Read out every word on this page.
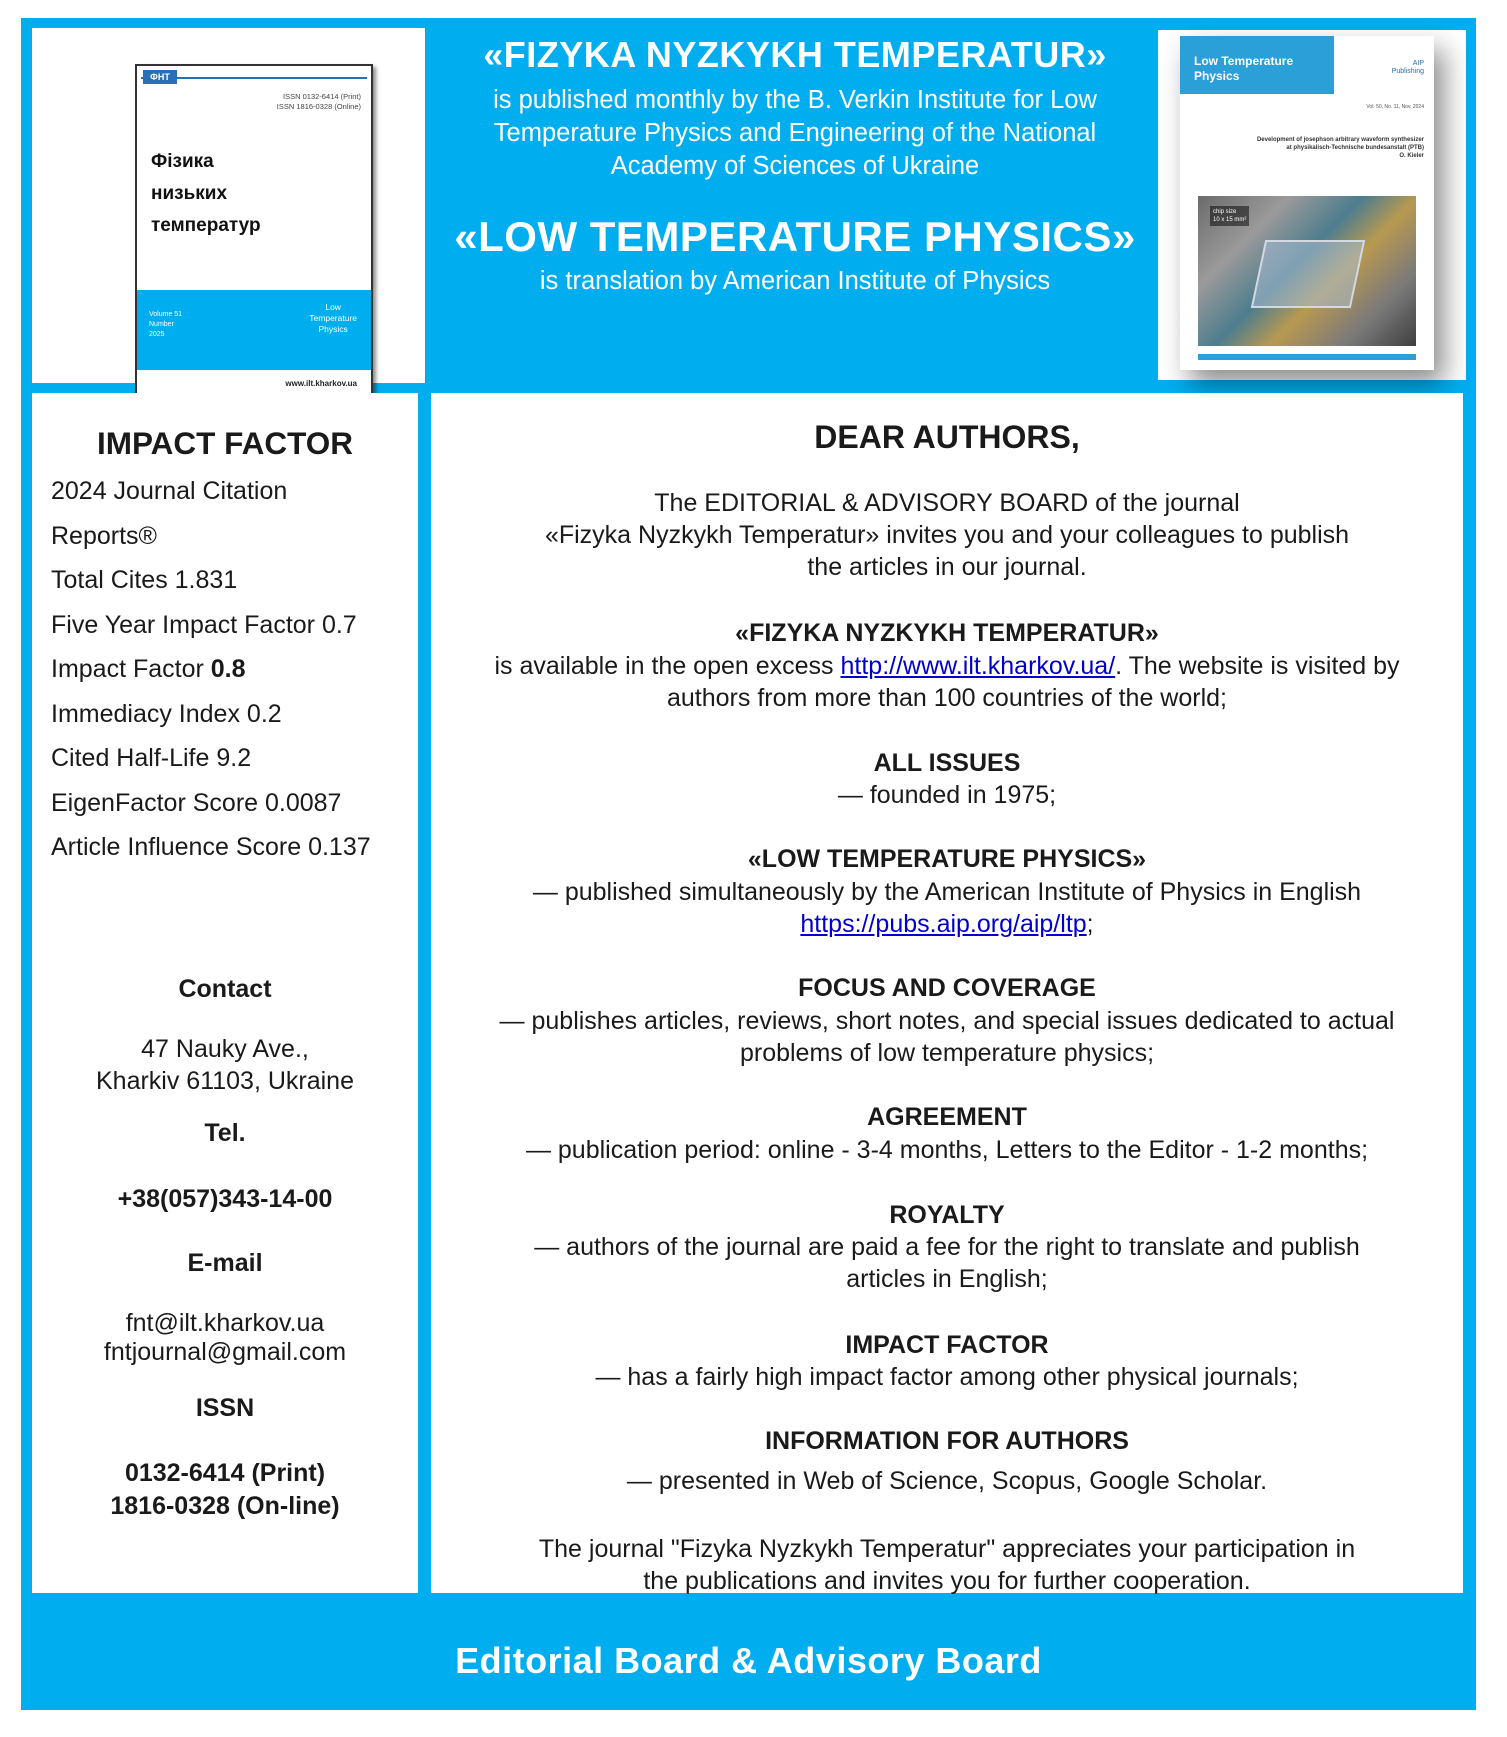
ФНТ
ISSN 0132-6414 (Print)
ISSN 1816-0328 (Online)
Фізика
низьких
температур
Volume 51
Number
2025
Low
Temperature
Physics
www.ilt.kharkov.ua
«FIZYKA NYZKYKH TEMPERATUR»
is published monthly by the B. Verkin Institute for Low
Temperature Physics and Engineering of the National
Academy of Sciences of Ukraine
«LOW TEMPERATURE PHYSICS»
is translation by American Institute of Physics
Low Temperature
Physics
AIP
Publishing
Vol. 50, No. 11, Nov. 2024
Development of josephson arbitrary waveform synthesizer
at physikalisch-Technische bundesanstalt (PTB)
O. Kieler
chip size
10 x 15 mm²
IMPACT FACTOR
2024 Journal Citation
Reports®
Total Cites 1.831
Five Year Impact Factor 0.7
Impact Factor 0.8
Immediacy Index 0.2
Cited Half-Life 9.2
EigenFactor Score 0.0087
Article Influence Score 0.137
Contact
47 Nauky Ave.,
Kharkiv 61103, Ukraine
Tel.
+38(057)343-14-00
E-mail
fnt@ilt.kharkov.ua
fntjournal@gmail.com
ISSN
0132-6414 (Print)
1816-0328 (On-line)
DEAR AUTHORS,
The EDITORIAL & ADVISORY BOARD of the journal
«Fizyka Nyzkykh Temperatur» invites you and your colleagues to publish
the articles in our journal.
«FIZYKA NYZKYKH TEMPERATUR»
is available in the open excess http://www.ilt.kharkov.ua/. The website is visited by
authors from more than 100 countries of the world;
ALL ISSUES
— founded in 1975;
«LOW TEMPERATURE PHYSICS»
— published simultaneously by the American Institute of Physics in English
https://pubs.aip.org/aip/ltp;
FOCUS AND COVERAGE
— publishes articles, reviews, short notes, and special issues dedicated to actual
problems of low temperature physics;
AGREEMENT
— publication period: online - 3-4 months, Letters to the Editor - 1-2 months;
ROYALTY
— authors of the journal are paid a fee for the right to translate and publish
articles in English;
IMPACT FACTOR
— has a fairly high impact factor among other physical journals;
INFORMATION FOR AUTHORS
— presented in Web of Science, Scopus, Google Scholar.
The journal "Fizyka Nyzkykh Temperatur" appreciates your participation in
the publications and invites you for further cooperation.
Editorial Board & Advisory Board
